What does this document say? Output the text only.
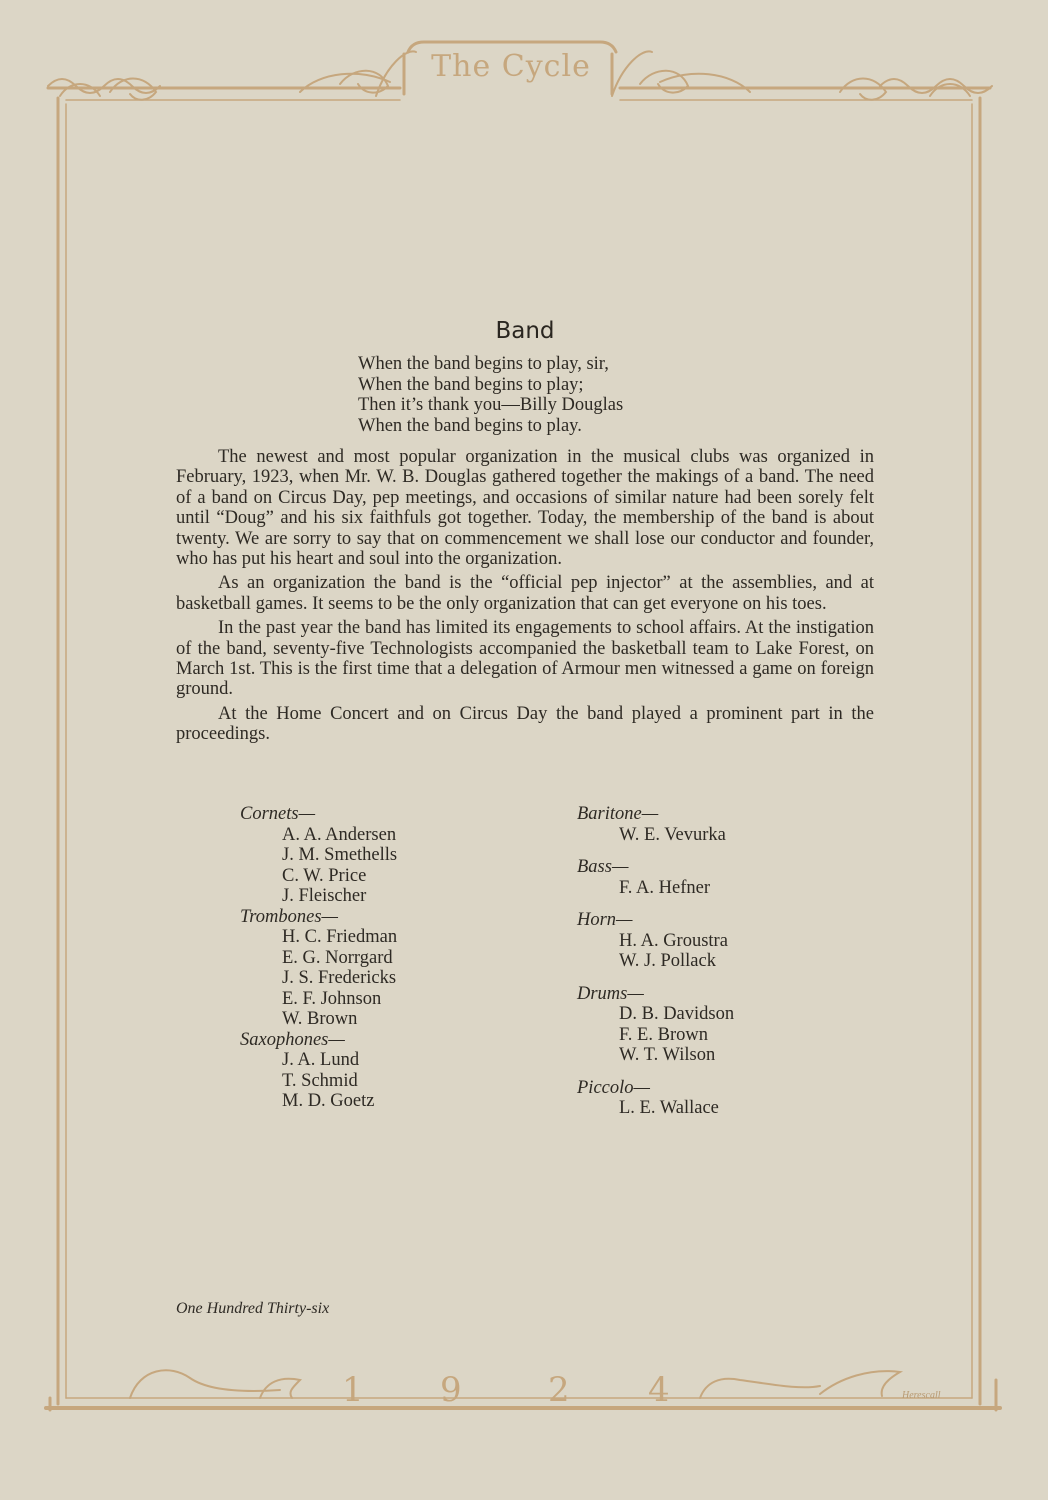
The Cycle
1 9	2 4	Herescall
Band
When the band begins to play, sir,
When the band begins to play;
Then it’s thank you—Billy Douglas
When the band begins to play.

The newest and most popular organization in the musical clubs was organized in February, 1923, when Mr. W. B. Douglas gathered together the makings of a band. The need of a band on Circus Day, pep meetings, and occasions of similar nature had been sorely felt until “Doug” and his six faithfuls got together. Today, the membership of the band is about twenty. We are sorry to say that on commencement we shall lose our conductor and founder, who has put his heart and soul into the organization.

As an organization the band is the “official pep injector” at the assemblies, and at basketball games. It seems to be the only organization that can get everyone on his toes.

In the past year the band has limited its engagements to school affairs. At the instigation of the band, seventy-five Technologists accompanied the basketball team to Lake Forest, on March 1st. This is the first time that a delegation of Armour men witnessed a game on foreign ground.

At the Home Concert and on Circus Day the band played a prominent part in the proceedings.

Cornets—
A. A. Andersen
J. M. Smethells
C. W. Price
J. Fleischer
Trombones—
H. C. Friedman
E. G. Norrgard
J. S. Fredericks
E. F. Johnson
W. Brown
Saxophones—
J. A. Lund
T. Schmid
M. D. Goetz
Baritone—
W. E. Vevurka
Bass—
F. A. Hefner
Horn—
H. A. Groustra
W. J. Pollack
Drums—
D. B. Davidson
F. E. Brown
W. T. Wilson
Piccolo—
L. E. Wallace
One Hundred Thirty-six
